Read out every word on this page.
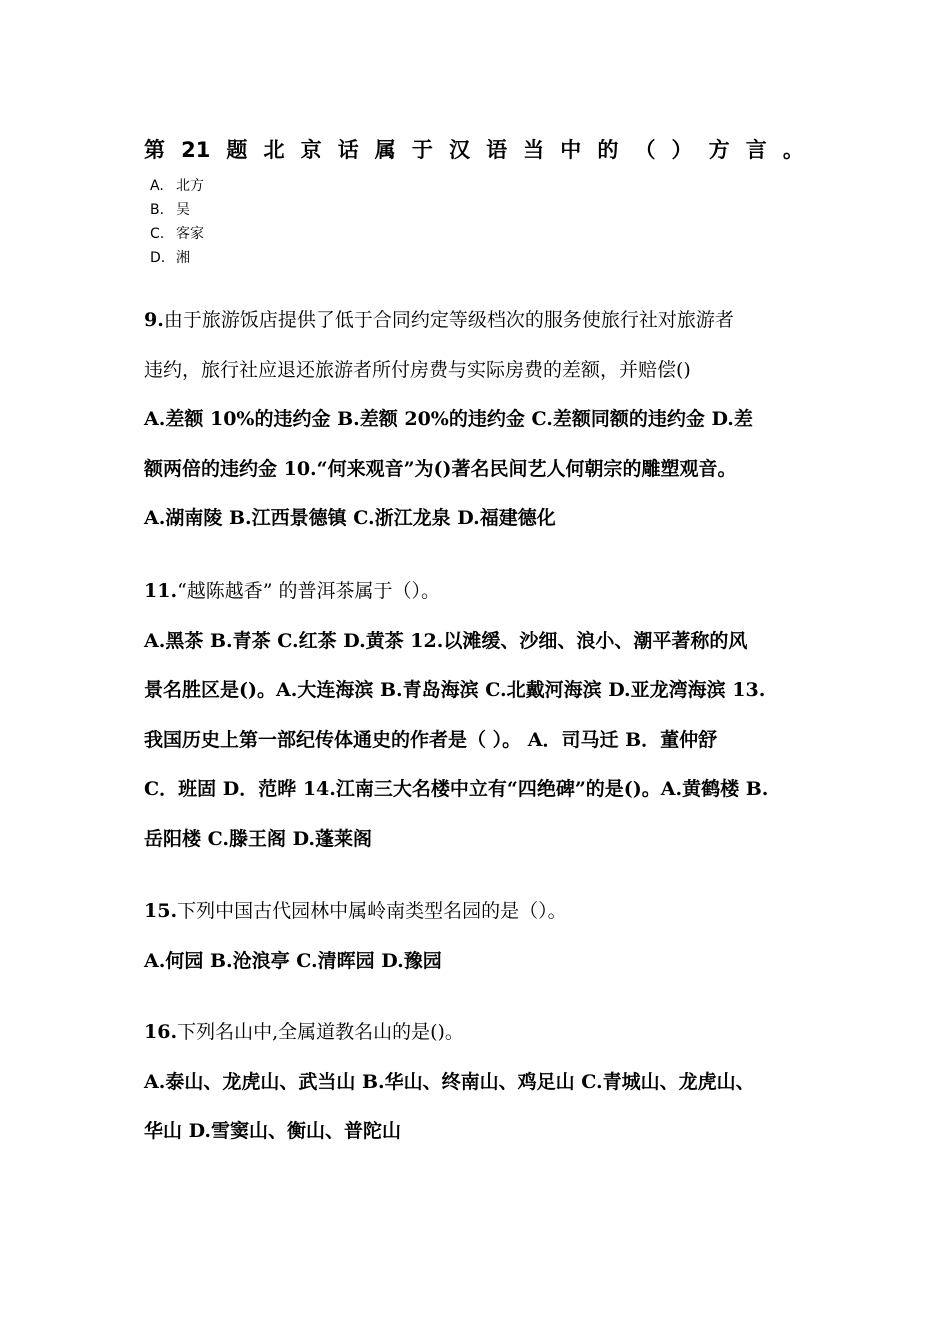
第 21 题 北 京 话 属 于 汉 语 当 中 的 （ ） 方 言 。
A. 北方
B. 吴
C. 客家
D. 湘
9.由于旅游饭店提供了低于合同约定等级档次的服务使旅行社对旅游者
违约，旅行社应退还旅游者所付房费与实际房费的差额，并赔偿()
A.差额 10%的违约金 B.差额 20%的违约金 C.差额同额的违约金 D.差
额两倍的违约金 10.“何来观音”为()著名民间艺人何朝宗的雕塑观音。
A.湖南陵 B.江西景德镇 C.浙江龙泉 D.福建德化
11.“越陈越香” 的普洱茶属于（）。
A.黑茶 B.青茶 C.红茶 D.黄茶 12.以滩缓、沙细、浪小、潮平著称的风
景名胜区是()。A.大连海滨 B.青岛海滨 C.北戴河海滨 D.亚龙湾海滨 13.
我国历史上第一部纪传体通史的作者是（ ）。 A．司马迁 B．董仲舒
C．班固 D．范晔 14.江南三大名楼中立有“四绝碑”的是()。A.黄鹤楼 B.
岳阳楼 C.滕王阁 D.蓬莱阁
15.下列中国古代园林中属岭南类型名园的是（）。
A.何园 B.沧浪亭 C.清晖园 D.豫园
16.下列名山中,全属道教名山的是()。
A.泰山、龙虎山、武当山 B.华山、终南山、鸡足山 C.青城山、龙虎山、
华山 D.雪窦山、衡山、普陀山
